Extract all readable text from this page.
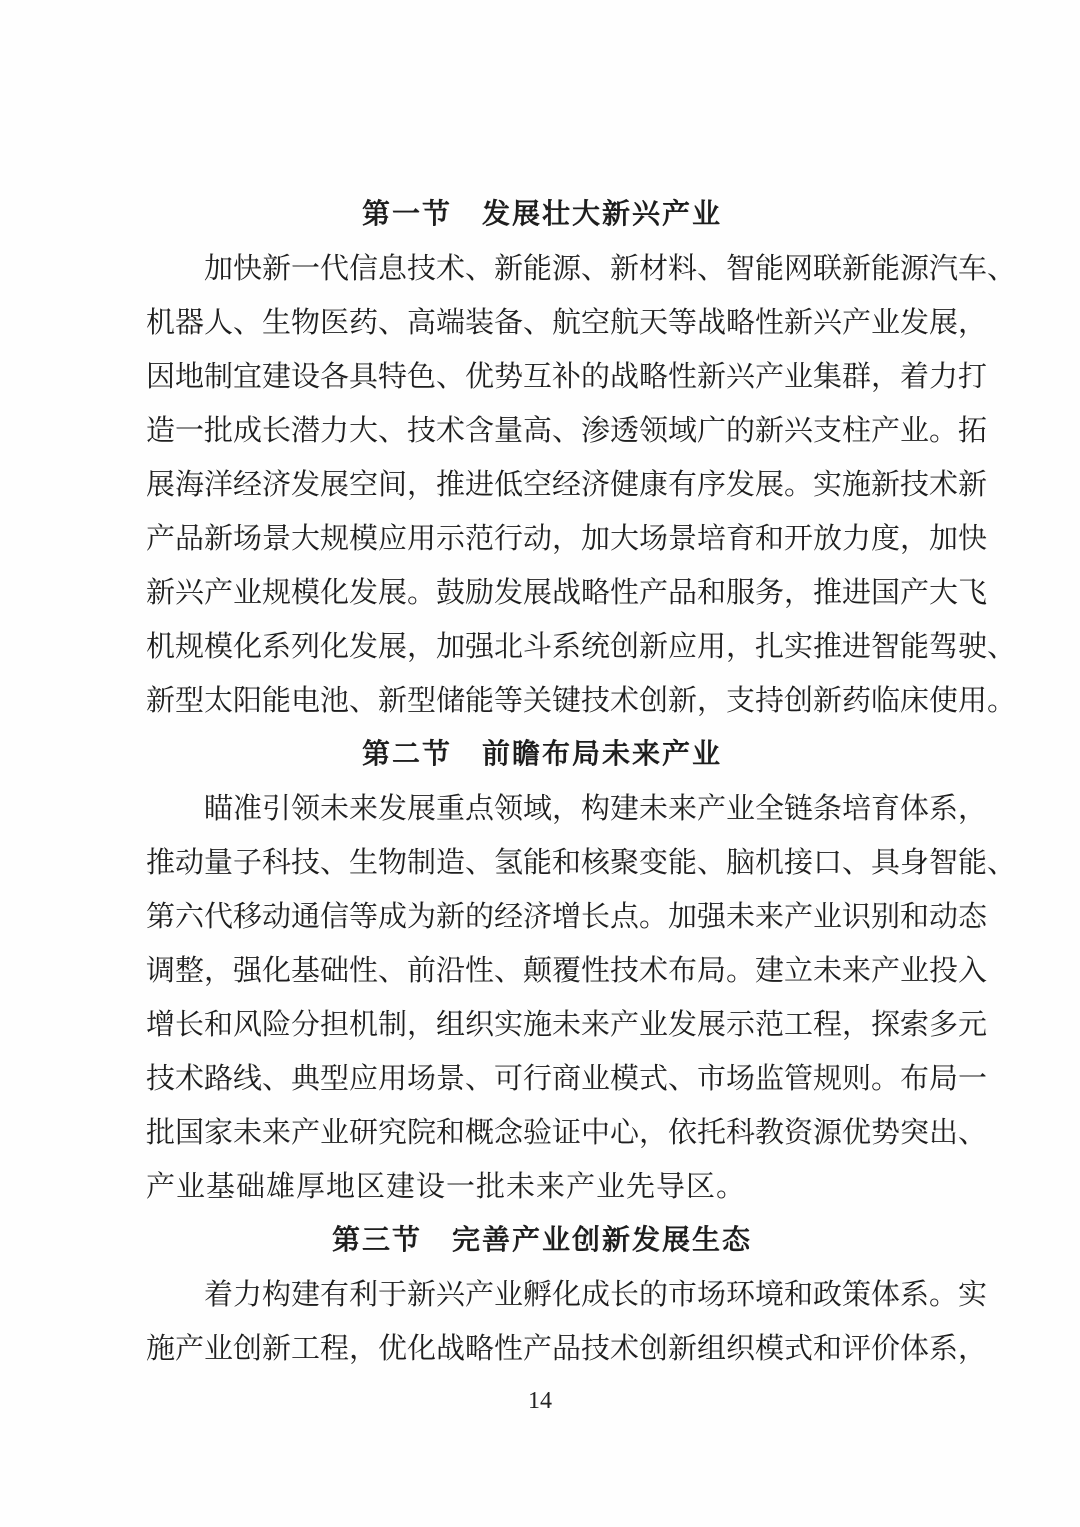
第一节　发展壮大新兴产业
加快新一代信息技术、新能源、新材料、智能网联新能源汽车、
机器人、生物医药、高端装备、航空航天等战略性新兴产业发展，
因地制宜建设各具特色、优势互补的战略性新兴产业集群，着力打
造一批成长潜力大、技术含量高、渗透领域广的新兴支柱产业。拓
展海洋经济发展空间，推进低空经济健康有序发展。实施新技术新
产品新场景大规模应用示范行动，加大场景培育和开放力度，加快
新兴产业规模化发展。鼓励发展战略性产品和服务，推进国产大飞
机规模化系列化发展，加强北斗系统创新应用，扎实推进智能驾驶、
新型太阳能电池、新型储能等关键技术创新，支持创新药临床使用。
第二节　前瞻布局未来产业
瞄准引领未来发展重点领域，构建未来产业全链条培育体系，
推动量子科技、生物制造、氢能和核聚变能、脑机接口、具身智能、
第六代移动通信等成为新的经济增长点。加强未来产业识别和动态
调整，强化基础性、前沿性、颠覆性技术布局。建立未来产业投入
增长和风险分担机制，组织实施未来产业发展示范工程，探索多元
技术路线、典型应用场景、可行商业模式、市场监管规则。布局一
批国家未来产业研究院和概念验证中心，依托科教资源优势突出、
产业基础雄厚地区建设一批未来产业先导区。
第三节　完善产业创新发展生态
着力构建有利于新兴产业孵化成长的市场环境和政策体系。实
施产业创新工程，优化战略性产品技术创新组织模式和评价体系，
14
